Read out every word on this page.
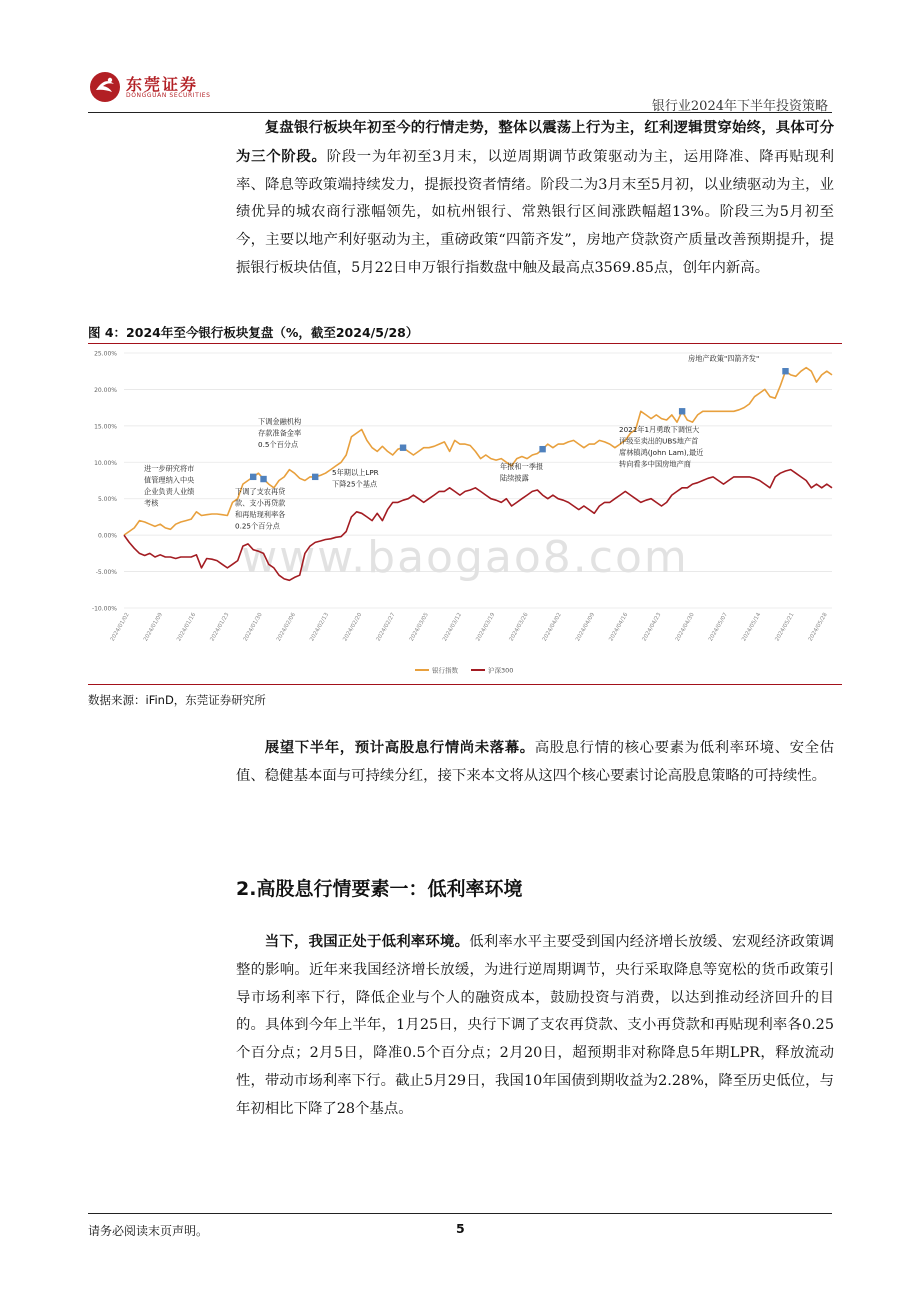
东莞证券
DONGGUAN SECURITIES
银行业2024年下半年投资策略

复盘银行板块年初至今的行情走势，整体以震荡上行为主，红利逻辑贯穿始终，具体可分为三个阶段。阶段一为年初至3月末，以逆周期调节政策驱动为主，运用降准、降再贴现利率、降息等政策端持续发力，提振投资者情绪。阶段二为3月末至5月初，以业绩驱动为主，业绩优异的城农商行涨幅领先，如杭州银行、常熟银行区间涨跌幅超13%。阶段三为5月初至今，主要以地产利好驱动为主，重磅政策“四箭齐发”，房地产贷款资产质量改善预期提升，提振银行板块估值，5月22日申万银行指数盘中触及最高点3569.85点，创年内新高。

图 4：2024年至今银行板块复盘（%，截至2024/5/28）
25.00%
20.00%
15.00%
10.00%
5.00%
0.00%
-5.00%
-10.00%
2024/01/02 2024/01/09 2024/01/16 2024/01/23 2024/01/30 2024/02/06 2024/02/13 2024/02/20 2024/02/27 2024/03/05 2024/03/12 2024/03/19 2024/03/26 2024/04/02 2024/04/09 2024/04/16 2024/04/23 2024/04/30 2024/05/07 2024/05/14 2024/05/21 2024/05/28
www.baogao8.com
进一步研究将市
值管理纳入中央
企业负责人业绩
考核
下调了支农再贷
款、支小再贷款
和再贴现利率各
0.25个百分点
下调金融机构
存款准备金率
0.5个百分点
5年期以上LPR
下降25个基点
年报和一季报
陆续披露
2021年1月勇敢下调恒大
评级至卖出的UBS地产首
席林镇鸿(John Lam),最近
转向看多中国房地产商
房地产政策"四箭齐发"
银行指数	沪深300
数据来源：iFinD，东莞证券研究所

展望下半年，预计高股息行情尚未落幕。高股息行情的核心要素为低利率环境、安全估值、稳健基本面与可持续分红，接下来本文将从这四个核心要素讨论高股息策略的可持续性。

2.高股息行情要素一：低利率环境

当下，我国正处于低利率环境。低利率水平主要受到国内经济增长放缓、宏观经济政策调整的影响。近年来我国经济增长放缓，为进行逆周期调节，央行采取降息等宽松的货币政策引导市场利率下行，降低企业与个人的融资成本，鼓励投资与消费，以达到推动经济回升的目的。具体到今年上半年，1月25日，央行下调了支农再贷款、支小再贷款和再贴现利率各0.25个百分点；2月5日，降准0.5个百分点；2月20日，超预期非对称降息5年期LPR，释放流动性，带动市场利率下行。截止5月29日，我国10年国债到期收益为2.28%，降至历史低位，与年初相比下降了28个基点。

请务必阅读末页声明。	5
